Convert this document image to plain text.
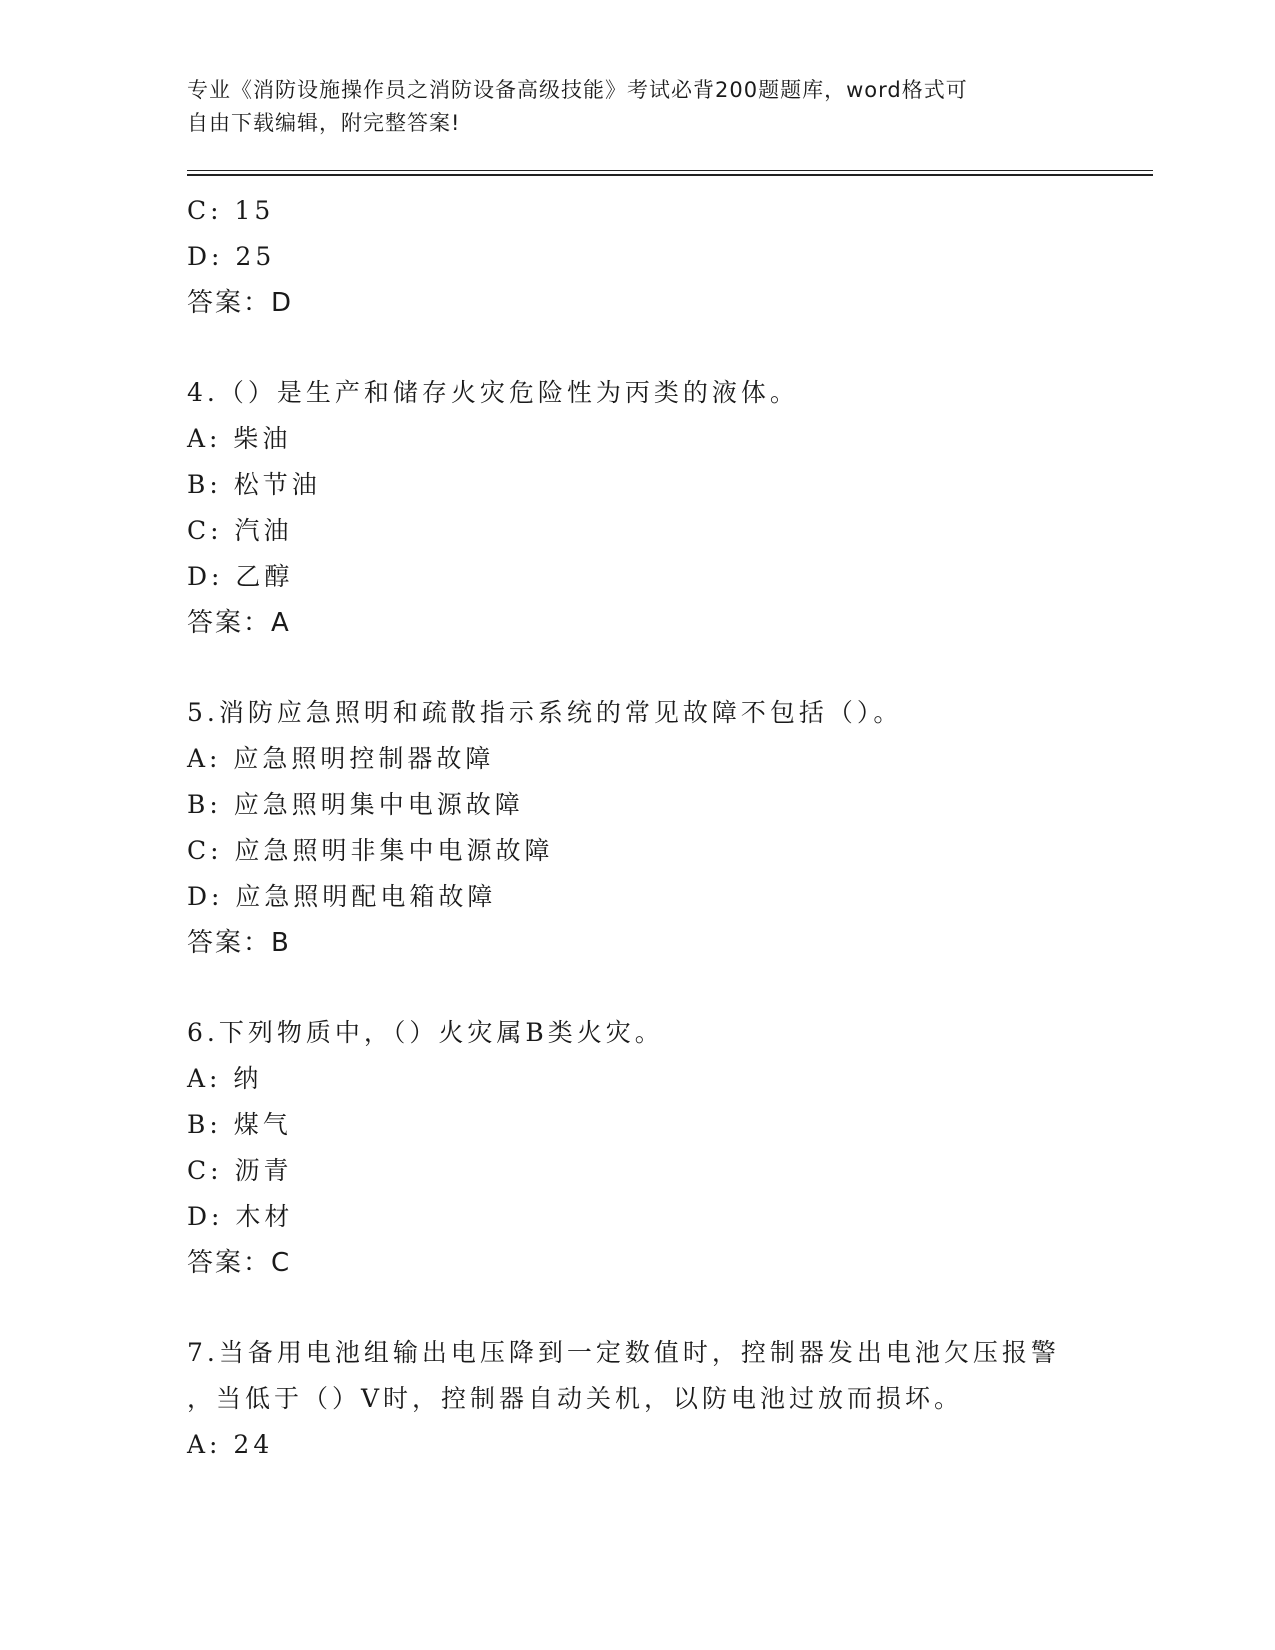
专业《消防设施操作员之消防设备高级技能》考试必背200题题库，word格式可
自由下载编辑，附完整答案!
C: 15
D: 25
答案：D
4.（）是生产和储存火灾危险性为丙类的液体。
A: 柴油
B: 松节油
C: 汽油
D: 乙醇
答案：A
5.消防应急照明和疏散指示系统的常见故障不包括（）。
A: 应急照明控制器故障
B: 应急照明集中电源故障
C: 应急照明非集中电源故障
D: 应急照明配电箱故障
答案：B
6.下列物质中，（）火灾属B类火灾。
A: 纳
B: 煤气
C: 沥青
D: 木材
答案：C
7.当备用电池组输出电压降到一定数值时，控制器发出电池欠压报警
，当低于（）V时，控制器自动关机，以防电池过放而损坏。
A: 24
